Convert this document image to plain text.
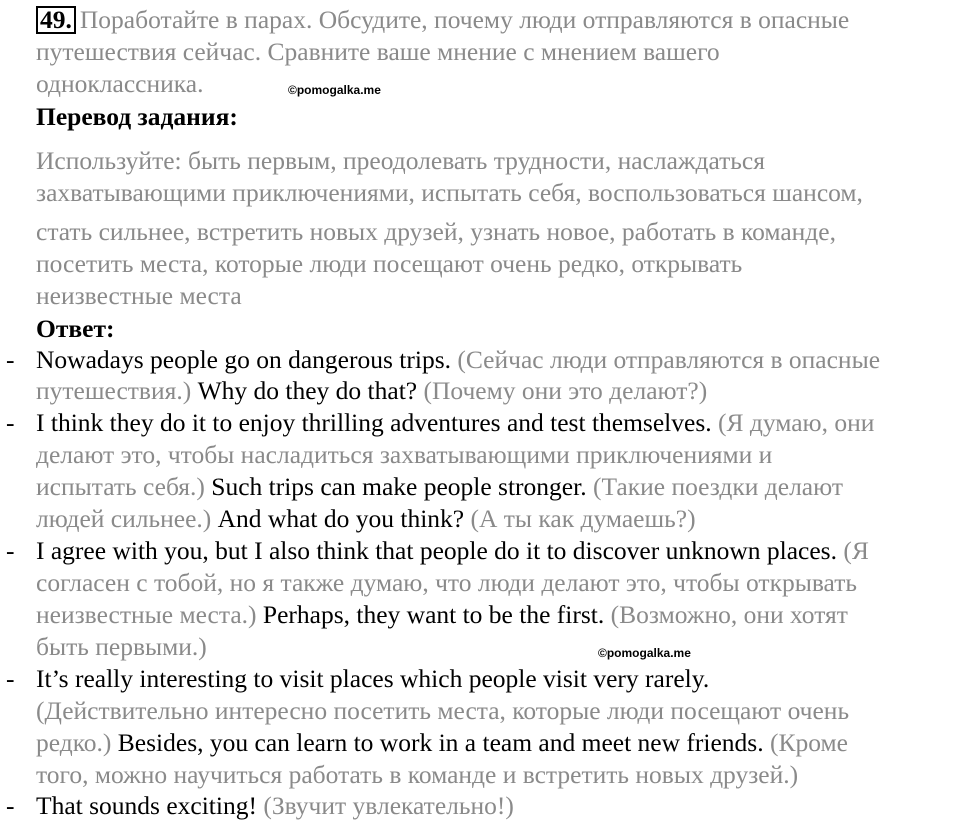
49. Поработайте в парах. Обсудите, почему люди отправляются в опасные
путешествия сейчас. Сравните ваше мнение с мнением вашего
одноклассника.	©pomogalka.me
Перевод задания:
Используйте: быть первым, преодолевать трудности, наслаждаться
захватывающими приключениями, испытать себя, воспользоваться шансом,
стать сильнее, встретить новых друзей, узнать новое, работать в команде,
посетить места, которые люди посещают очень редко, открывать
неизвестные места
Ответ:
- Nowadays people go on dangerous trips. (Сейчас люди отправляются в опасные
путешествия.) Why do they do that? (Почему они это делают?)
- I think they do it to enjoy thrilling adventures and test themselves. (Я думаю, они
делают это, чтобы насладиться захватывающими приключениями и
испытать себя.) Such trips can make people stronger. (Такие поездки делают
людей сильнее.) And what do you think? (А ты как думаешь?)
- I agree with you, but I also think that people do it to discover unknown places. (Я
согласен с тобой, но я также думаю, что люди делают это, чтобы открывать
неизвестные места.) Perhaps, they want to be the first. (Возможно, они хотят
быть первыми.)	©pomogalka.me
- It’s really interesting to visit places which people visit very rarely.
(Действительно интересно посетить места, которые люди посещают очень
редко.) Besides, you can learn to work in a team and meet new friends. (Кроме
того, можно научиться работать в команде и встретить новых друзей.)
- That sounds exciting! (Звучит увлекательно!)
